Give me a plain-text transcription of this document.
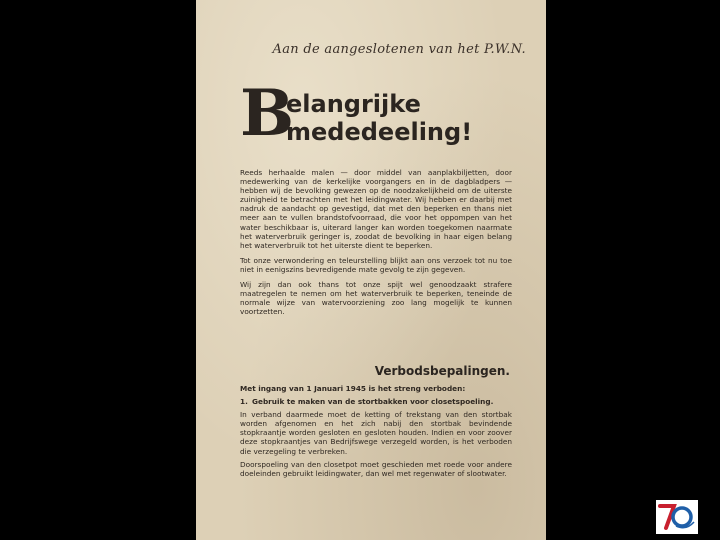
Aan de aangeslotenen van het P.W.N.
B
elangrijke
mededeeling!

Reeds herhaalde malen — door middel van aanplakbiljetten, door medewerking van de kerkelijke voorgangers en in de dagbladpers — hebben wij de bevolking gewezen op de noodzakelijkheid om de uiterste zuinigheid te betrachten met het leidingwater. Wij hebben er daarbij met nadruk de aandacht op gevestigd, dat met den beperken en thans niet meer aan te vullen brandstofvoorraad, die voor het oppompen van het water beschikbaar is, uiterard langer kan worden toegekomen naarmate het waterverbruik geringer is, zoodat de bevolking in haar eigen belang het waterverbruik tot het uiterste dient te beperken.

Tot onze verwondering en teleurstelling blijkt aan ons verzoek tot nu toe niet in eenigszins bevredigende mate gevolg te zijn gegeven.

Wij zijn dan ook thans tot onze spijt wel genoodzaakt strafere maatregelen te nemen om het waterverbruik te beperken, teneinde de normale wijze van watervoorziening zoo lang mogelijk te kunnen voortzetten.

Verbodsbepalingen.

Met ingang van 1 Januari 1945 is het streng verboden:

1. Gebruik te maken van de stortbakken voor closetspoeling.

In verband daarmede moet de ketting of trekstang van den stortbak worden afgenomen en het zich nabij den stortbak bevindende stopkraantje worden gesloten en gesloten houden. Indien en voor zoover deze stopkraantjes van Bedrijfswege verzegeld worden, is het verboden die verzegeling te verbreken.

Doorspoeling van den closetpot moet geschieden met roede voor andere doeleinden gebruikt leidingwater, dan wel met regenwater of slootwater.
